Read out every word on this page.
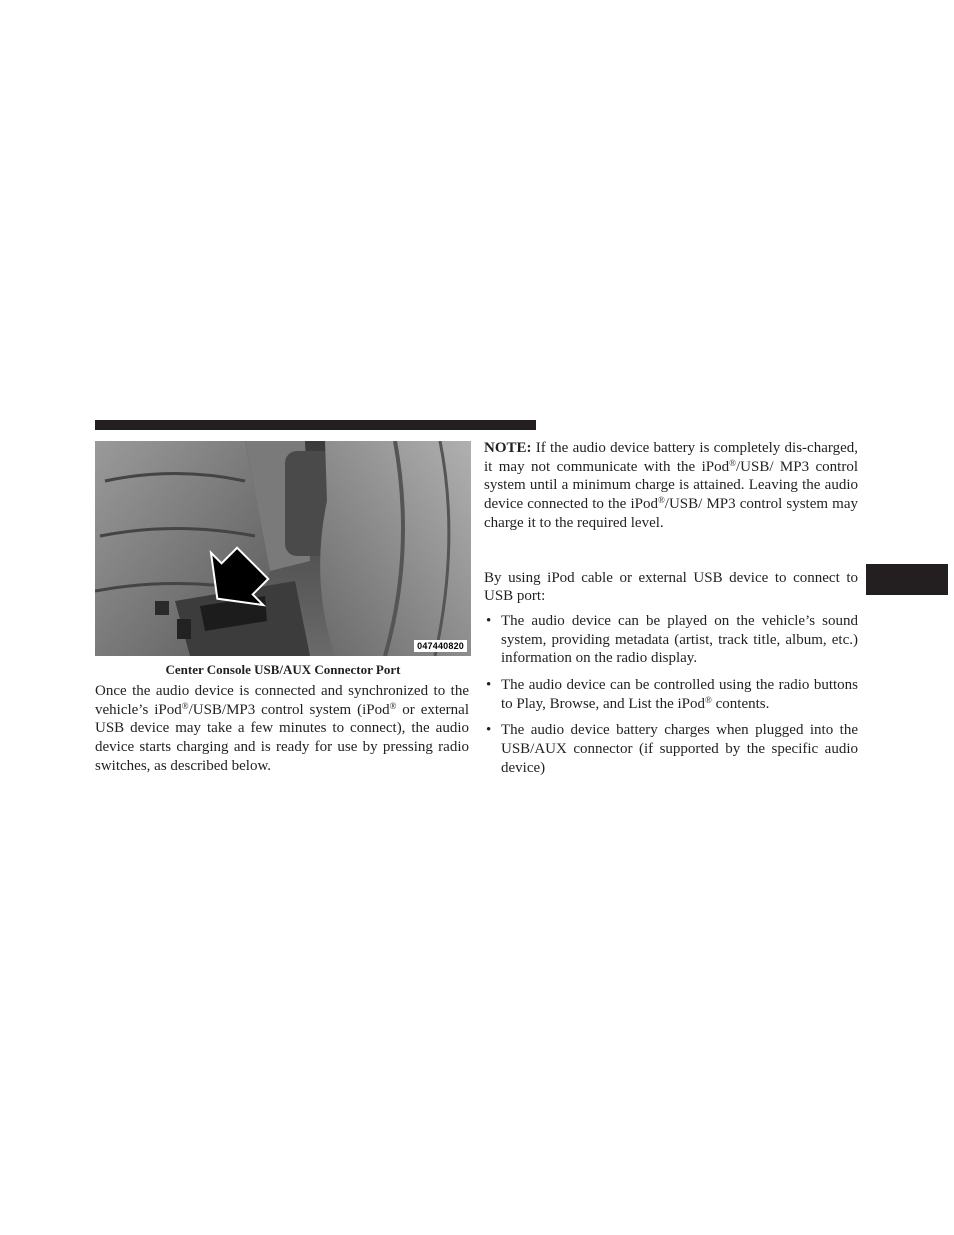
047440820
Center Console USB/AUX Connector Port

Once the audio device is connected and synchronized to the vehicle’s iPod®/USB/MP3 control system (iPod® or external USB device may take a few minutes to connect), the audio device starts charging and is ready for use by pressing radio switches, as described below.

NOTE: If the audio device battery is completely dis-charged, it may not communicate with the iPod®/USB/ MP3 control system until a minimum charge is attained. Leaving the audio device connected to the iPod®/USB/ MP3 control system may charge it to the required level.

By using iPod cable or external USB device to connect to USB port:

• The audio device can be played on the vehicle’s sound system, providing metadata (artist, track title, album, etc.) information on the radio display.
• The audio device can be controlled using the radio buttons to Play, Browse, and List the iPod® contents.
• The audio device battery charges when plugged into the USB/AUX connector (if supported by the specific audio device)
